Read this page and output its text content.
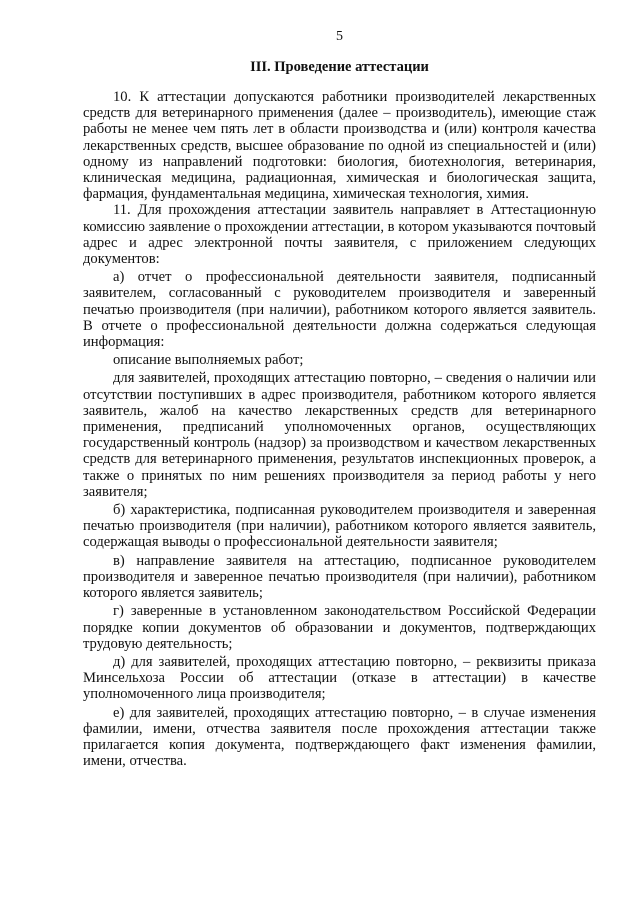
5
III. Проведение аттестации

10. К аттестации допускаются работники производителей лекарственных средств для ветеринарного применения (далее – производитель), имеющие стаж работы не менее чем пять лет в области производства и (или) контроля качества лекарственных средств, высшее образование по одной из специальностей и (или) одному из направлений подготовки: биология, биотехнология, ветеринария, клиническая медицина, радиационная, химическая и биологическая защита, фармация, фундаментальная медицина, химическая технология, химия.

11. Для прохождения аттестации заявитель направляет в Аттестационную комиссию заявление о прохождении аттестации, в котором указываются почтовый адрес и адрес электронной почты заявителя, с приложением следующих документов:

а) отчет о профессиональной деятельности заявителя, подписанный заявителем, согласованный с руководителем производителя и заверенный печатью производителя (при наличии), работником которого является заявитель. В отчете о профессиональной деятельности должна содержаться следующая информация:

описание выполняемых работ;

для заявителей, проходящих аттестацию повторно, – сведения о наличии или отсутствии поступивших в адрес производителя, работником которого является заявитель, жалоб на качество лекарственных средств для ветеринарного применения, предписаний уполномоченных органов, осуществляющих государственный контроль (надзор) за производством и качеством лекарственных средств для ветеринарного применения, результатов инспекционных проверок, а также о принятых по ним решениях производителя за период работы у него заявителя;

б) характеристика, подписанная руководителем производителя и заверенная печатью производителя (при наличии), работником которого является заявитель, содержащая выводы о профессиональной деятельности заявителя;

в) направление заявителя на аттестацию, подписанное руководителем производителя и заверенное печатью производителя (при наличии), работником которого является заявитель;

г) заверенные в установленном законодательством Российской Федерации порядке копии документов об образовании и документов, подтверждающих трудовую деятельность;

д) для заявителей, проходящих аттестацию повторно, – реквизиты приказа Минсельхоза России об аттестации (отказе в аттестации) в качестве уполномоченного лица производителя;

е) для заявителей, проходящих аттестацию повторно, – в случае изменения фамилии, имени, отчества заявителя после прохождения аттестации также прилагается копия документа, подтверждающего факт изменения фамилии, имени, отчества.
